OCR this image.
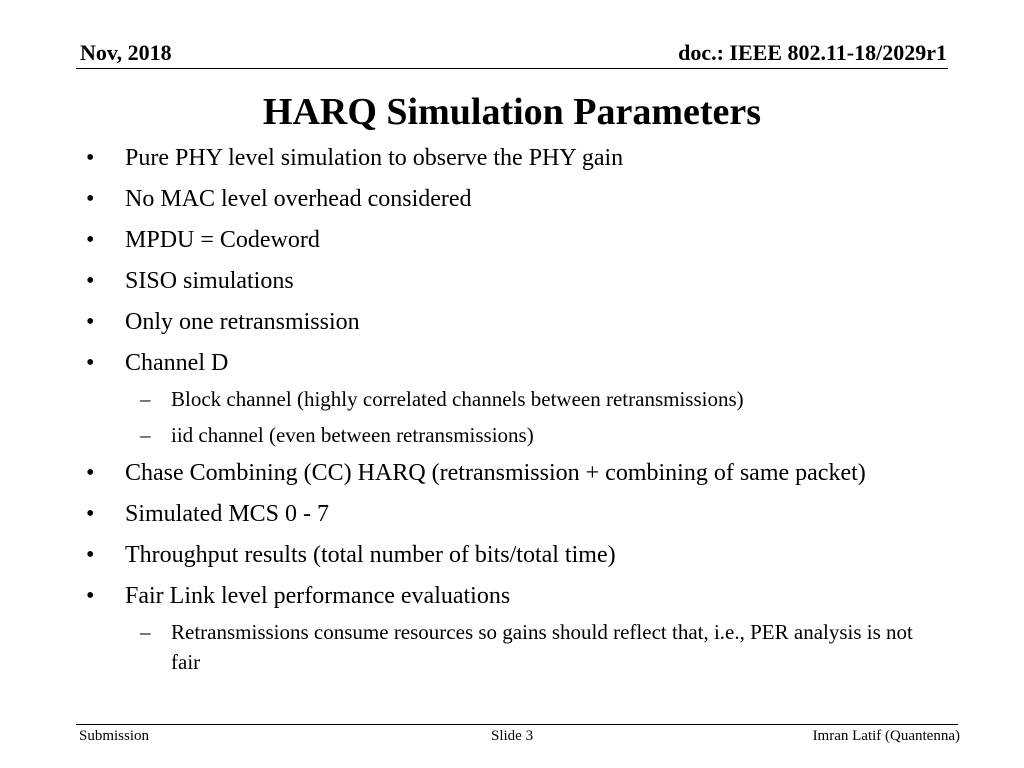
Nov, 2018	doc.: IEEE 802.11-18/2029r1
HARQ Simulation Parameters
• Pure PHY level simulation to observe the PHY gain
• No MAC level overhead considered
• MPDU = Codeword
• SISO simulations
• Only one retransmission
• Channel D
– Block channel (highly correlated channels between retransmissions)
– iid channel (even between retransmissions)
• Chase Combining (CC) HARQ (retransmission + combining of same packet)
• Simulated MCS 0 - 7
• Throughput results (total number of bits/total time)
• Fair Link level performance evaluations
– Retransmissions consume resources so gains should reflect that, i.e., PER analysis is not fair
Submission	Slide 3	Imran Latif (Quantenna)
